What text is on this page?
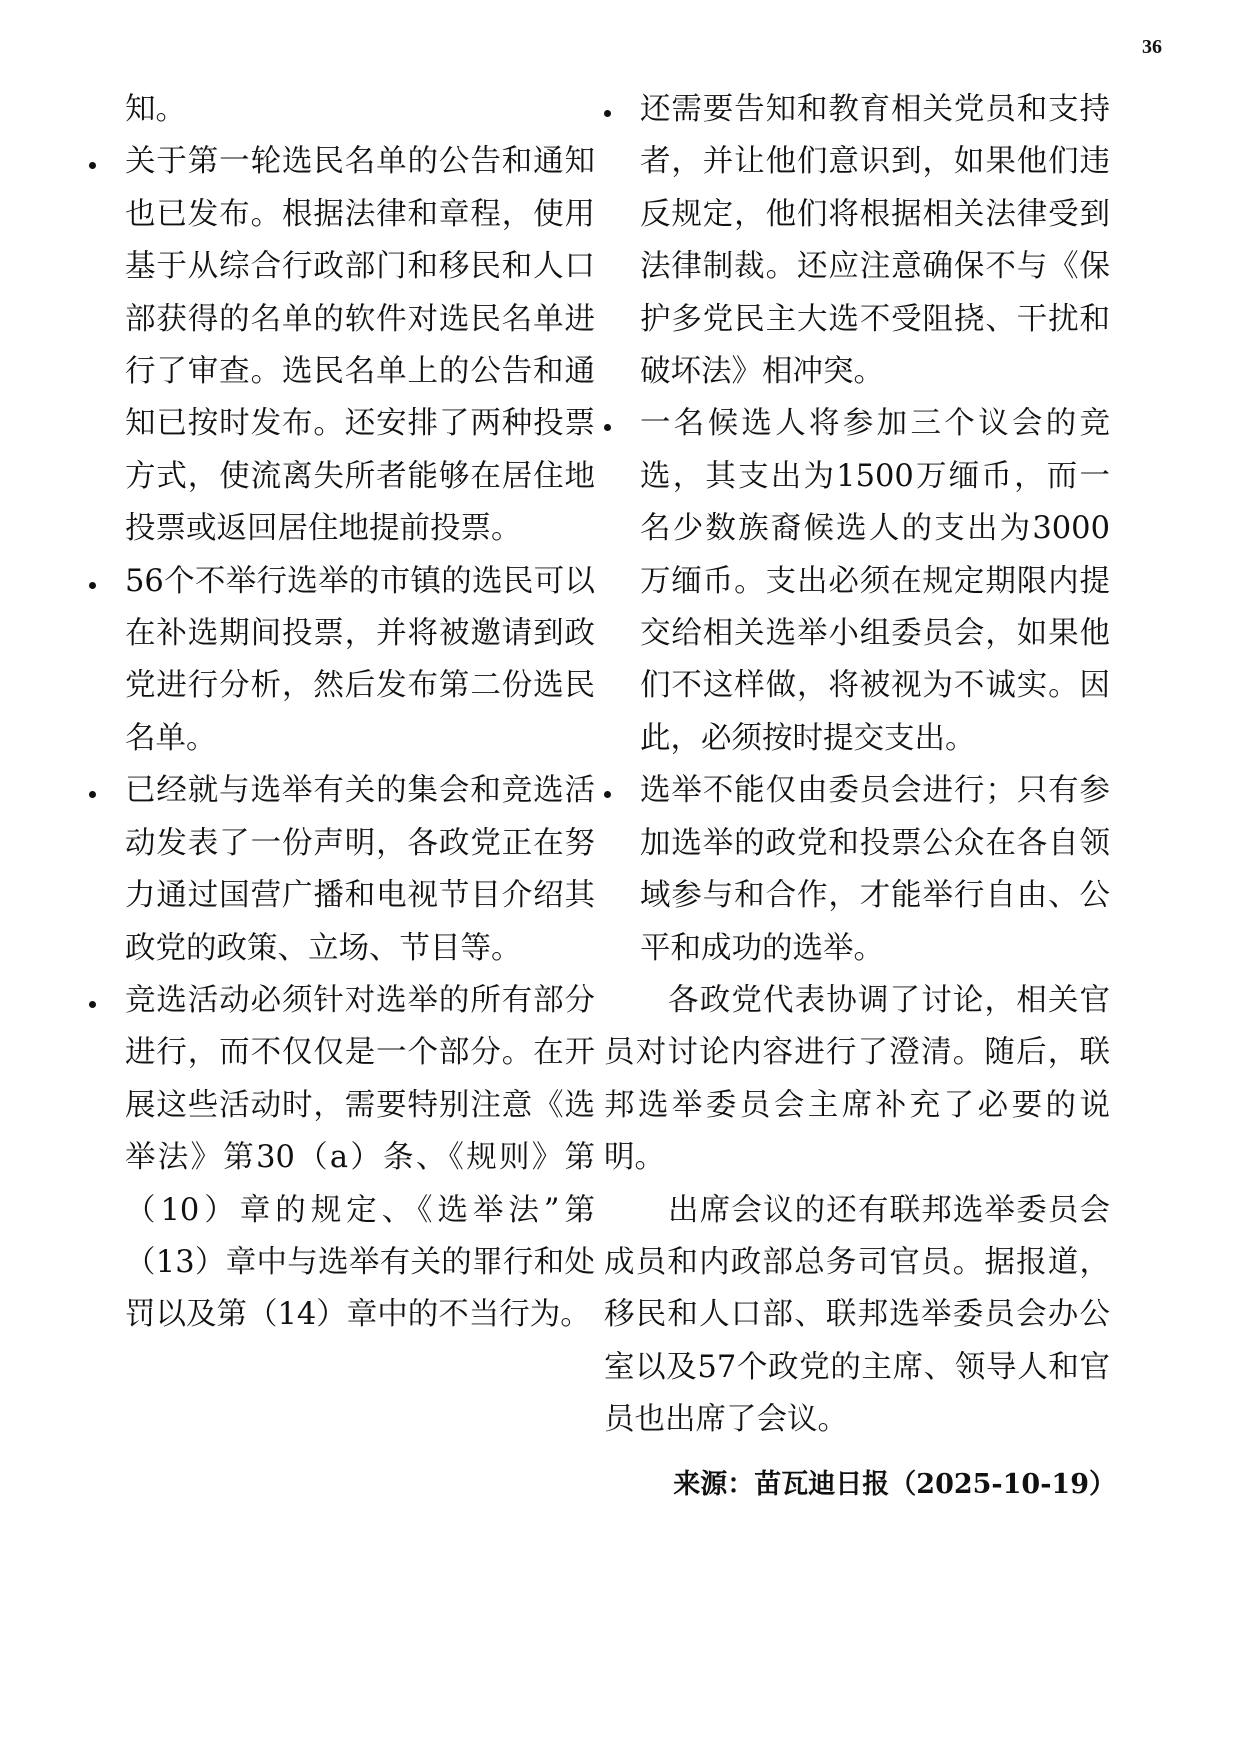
36

知。

关于第一轮选民名单的公告和通知也已发布。根据法律和章程，使用基于从综合行政部门和移民和人口部获得的名单的软件对选民名单进行了审查。选民名单上的公告和通知已按时发布。还安排了两种投票方式，使流离失所者能够在居住地投票或返回居住地提前投票。
56个不举行选举的市镇的选民可以在补选期间投票，并将被邀请到政党进行分析，然后发布第二份选民名单。
已经就与选举有关的集会和竞选活动发表了一份声明，各政党正在努力通过国营广播和电视节目介绍其政党的政策、立场、节目等。
竞选活动必须针对选举的所有部分进行，而不仅仅是一个部分。在开展这些活动时，需要特别注意《选举法》第30（a）条、《规则》第（10）章的规定、《选举法”第（13）章中与选举有关的罪行和处罚以及第（14）章中的不当行为。
还需要告知和教育相关党员和支持者，并让他们意识到，如果他们违反规定，他们将根据相关法律受到法律制裁。还应注意确保不与《保护多党民主大选不受阻挠、干扰和破坏法》相冲突。
一名候选人将参加三个议会的竞选，其支出为1500万缅币，而一名少数族裔候选人的支出为3000万缅币。支出必须在规定期限内提交给相关选举小组委员会，如果他们不这样做，将被视为不诚实。因此，必须按时提交支出。
选举不能仅由委员会进行；只有参加选举的政党和投票公众在各自领域参与和合作，才能举行自由、公平和成功的选举。

各政党代表协调了讨论，相关官员对讨论内容进行了澄清。随后，联邦选举委员会主席补充了必要的说明。

出席会议的还有联邦选举委员会成员和内政部总务司官员。据报道，移民和人口部、联邦选举委员会办公室以及57个政党的主席、领导人和官员也出席了会议。

来源：苗瓦迪日报（2025-10-19）
